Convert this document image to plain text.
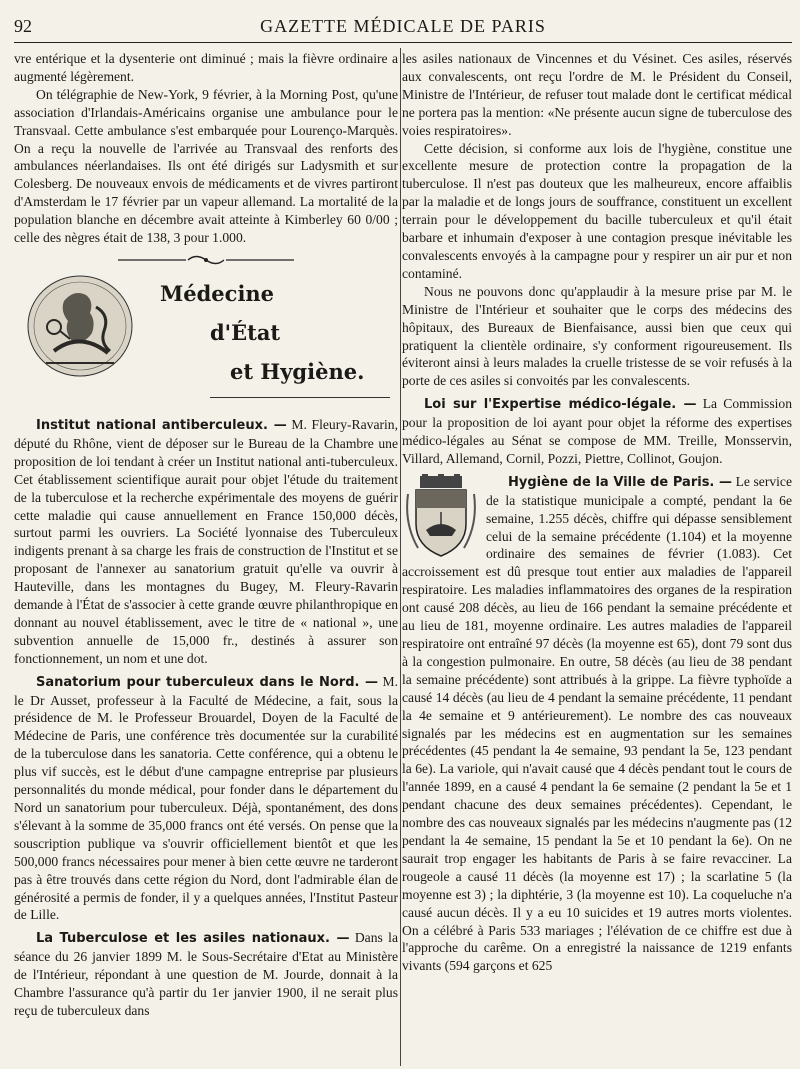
92	GAZETTE MÉDICALE DE PARIS

vre entérique et la dysenterie ont diminué ; mais la fièvre ordinaire a augmenté légèrement.

On télégraphie de New-York, 9 février, à la Morning Post, qu'une association d'Irlandais-Américains organise une ambulance pour le Transvaal. Cette ambulance s'est embarquée pour Lourenço-Marquès. On a reçu la nouvelle de l'arrivée au Transvaal des renforts des ambulances néerlandaises. Ils ont été dirigés sur Ladysmith et sur Colesberg. De nouveaux envois de médicaments et de vivres partiront d'Amsterdam le 17 février par un vapeur allemand. La mortalité de la population blanche en décembre avait atteinte à Kimberley 60 0/00 ; celle des nègres était de 138, 3 pour 1.000.

Médecine
d'État
et Hygiène.

Institut national antiberculeux. — M. Fleury-Ravarin, député du Rhône, vient de déposer sur le Bureau de la Chambre une proposition de loi tendant à créer un Institut national anti-tuberculeux. Cet établissement scientifique aurait pour objet l'étude du traitement de la tuberculose et la recherche expérimentale des moyens de guérir cette maladie qui cause annuellement en France 150,000 décès, surtout parmi les ouvriers. La Société lyonnaise des Tuberculeux indigents prenant à sa charge les frais de construction de l'Institut et se proposant de l'annexer au sanatorium gratuit qu'elle va ouvrir à Hauteville, dans les montagnes du Bugey, M. Fleury-Ravarin demande à l'État de s'associer à cette grande œuvre philanthropique en donnant au nouvel établissement, avec le titre de « national », une subvention annuelle de 15,000 fr., destinés à assurer son fonctionnement, un nom et une dot.

Sanatorium pour tuberculeux dans le Nord. — M. le Dr Ausset, professeur à la Faculté de Médecine, a fait, sous la présidence de M. le Professeur Brouardel, Doyen de la Faculté de Médecine de Paris, une conférence très documentée sur la curabilité de la tuberculose dans les sanatoria. Cette conférence, qui a obtenu le plus vif succès, est le début d'une campagne entreprise par plusieurs personnalités du monde médical, pour fonder dans le département du Nord un sanatorium pour tuberculeux. Déjà, spontanément, des dons s'élevant à la somme de 35,000 francs ont été versés. On pense que la souscription publique va s'ouvrir officiellement bientôt et que les 500,000 francs nécessaires pour mener à bien cette œuvre ne tarderont pas à être trouvés dans cette région du Nord, dont l'admirable élan de générosité a permis de fonder, il y a quelques années, l'Institut Pasteur de Lille.

La Tuberculose et les asiles nationaux. — Dans la séance du 26 janvier 1899 M. le Sous-Secrétaire d'Etat au Ministère de l'Intérieur, répondant à une question de M. Jourde, donnait à la Chambre l'assurance qu'à partir du 1er janvier 1900, il ne serait plus reçu de tuberculeux dans

les asiles nationaux de Vincennes et du Vésinet. Ces asiles, réservés aux convalescents, ont reçu l'ordre de M. le Président du Conseil, Ministre de l'Intérieur, de refuser tout malade dont le certificat médical ne portera pas la mention: «Ne présente aucun signe de tuberculose des voies respiratoires».

Cette décision, si conforme aux lois de l'hygiène, constitue une excellente mesure de protection contre la propagation de la tuberculose. Il n'est pas douteux que les malheureux, encore affaiblis par la maladie et de longs jours de souffrance, constituent un excellent terrain pour le développement du bacille tuberculeux et qu'il était barbare et inhumain d'exposer à une contagion presque inévitable les convalescents envoyés à la campagne pour y respirer un air pur et non contaminé.

Nous ne pouvons donc qu'applaudir à la mesure prise par M. le Ministre de l'Intérieur et souhaiter que le corps des médecins des hôpitaux, des Bureaux de Bienfaisance, aussi bien que ceux qui pratiquent la clientèle ordinaire, s'y conforment rigoureusement. Ils éviteront ainsi à leurs malades la cruelle tristesse de se voir refusés à la porte de ces asiles si convoités par les convalescents.

Loi sur l'Expertise médico-légale. — La Commission pour la proposition de loi ayant pour objet la réforme des expertises médico-légales au Sénat se compose de MM. Treille, Monsservin, Villard, Allemand, Cornil, Pozzi, Piettre, Collinot, Goujon.

Hygiène de la Ville de Paris. — Le service de la statistique municipale a compté, pendant la 6e semaine, 1.255 décès, chiffre qui dépasse sensiblement celui de la semaine précédente (1.104) et la moyenne ordinaire des semaines de février (1.083). Cet accroissement est dû presque tout entier aux maladies de l'appareil respiratoire. Les maladies inflammatoires des organes de la respiration ont causé 208 décès, au lieu de 166 pendant la semaine précédente et au lieu de 181, moyenne ordinaire. Les autres maladies de l'appareil respiratoire ont entraîné 97 décès (la moyenne est 65), dont 79 sont dus à la congestion pulmonaire. En outre, 58 décès (au lieu de 38 pendant la semaine précédente) sont attribués à la grippe. La fièvre typhoïde a causé 14 décès (au lieu de 4 pendant la semaine précédente, 11 pendant la 4e semaine et 9 antérieurement). Le nombre des cas nouveaux signalés par les médecins est en augmentation sur les semaines précédentes (45 pendant la 4e semaine, 93 pendant la 5e, 123 pendant la 6e). La variole, qui n'avait causé que 4 décès pendant tout le cours de l'année 1899, en a causé 4 pendant la 6e semaine (2 pendant la 5e et 1 pendant chacune des deux semaines précédentes). Cependant, le nombre des cas nouveaux signalés par les médecins n'augmente pas (12 pendant la 4e semaine, 15 pendant la 5e et 10 pendant la 6e). On ne saurait trop engager les habitants de Paris à se faire revacciner. La rougeole a causé 11 décès (la moyenne est 17) ; la scarlatine 5 (la moyenne est 3) ; la diphtérie, 3 (la moyenne est 10). La coqueluche n'a causé aucun décès. Il y a eu 10 suicides et 19 autres morts violentes. On a célébré à Paris 533 mariages ; l'élévation de ce chiffre est due à l'approche du carême. On a enregistré la naissance de 1219 enfants vivants (594 garçons et 625
